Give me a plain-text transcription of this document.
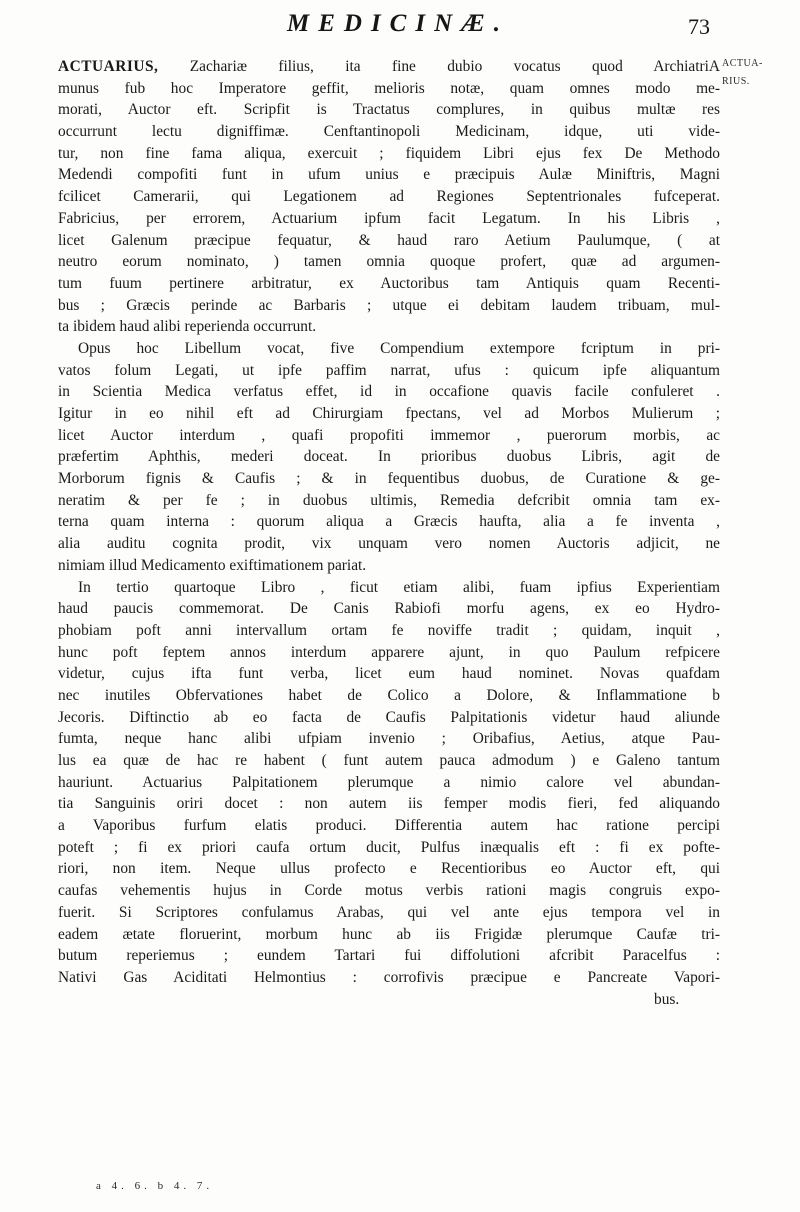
MEDICINÆ.	73
ACTUA-
RIUS.
ACTUARIUS, Zachariæ filius, ita fine dubio vocatus quod ArchiatriA
munus fub hoc Imperatore geffit, melioris notæ, quam omnes modo me-
morati, Auctor eft. Scripfit is Tractatus complures, in quibus multæ res
occurrunt lectu digniffimæ. Cenftantinopoli Medicinam, idque, uti vide-
tur, non fine fama aliqua, exercuit ; fiquidem Libri ejus fex De Methodo
Medendi compofiti funt in ufum unius e præcipuis Aulæ Miniftris, Magni
fcilicet Camerarii, qui Legationem ad Regiones Septentrionales fufceperat.
Fabricius, per errorem, Actuarium ipfum facit Legatum. In his Libris ,
licet Galenum præcipue fequatur, & haud raro Aetium Paulumque, ( at
neutro eorum nominato, ) tamen omnia quoque profert, quæ ad argumen-
tum fuum pertinere arbitratur, ex Auctoribus tam Antiquis quam Recenti-
bus ; Græcis perinde ac Barbaris ; utque ei debitam laudem tribuam, mul-
ta ibidem haud alibi reperienda occurrunt.
Opus hoc Libellum vocat, five Compendium extempore fcriptum in pri-
vatos folum Legati, ut ipfe paffim narrat, ufus : quicum ipfe aliquantum
in Scientia Medica verfatus effet, id in occafione quavis facile confuleret .
Igitur in eo nihil eft ad Chirurgiam fpectans, vel ad Morbos Mulierum ;
licet Auctor interdum , quafi propofiti immemor , puerorum morbis, ac
præfertim Aphthis, mederi doceat. In prioribus duobus Libris, agit de
Morborum fignis & Caufis ; & in fequentibus duobus, de Curatione & ge-
neratim & per fe ; in duobus ultimis, Remedia defcribit omnia tam ex-
terna quam interna : quorum aliqua a Græcis haufta, alia a fe inventa ,
alia auditu cognita prodit, vix unquam vero nomen Auctoris adjicit, ne
nimiam illud Medicamento exiftimationem pariat.
In tertio quartoque Libro , ficut etiam alibi, fuam ipfius Experientiam
haud paucis commemorat. De Canis Rabiofi morfu agens, ex eo Hydro-
phobiam poft anni intervallum ortam fe noviffe tradit ; quidam, inquit ,
hunc poft feptem annos interdum apparere ajunt, in quo Paulum refpicere
videtur, cujus ifta funt verba, licet eum haud nominet. Novas quafdam
nec inutiles Obfervationes habet de Colico a Dolore, & Inflammatione b
Jecoris. Diftinctio ab eo facta de Caufis Palpitationis videtur haud aliunde
fumta, neque hanc alibi ufpiam invenio ; Oribafius, Aetius, atque Pau-
lus ea quæ de hac re habent ( funt autem pauca admodum ) e Galeno tantum
hauriunt. Actuarius Palpitationem plerumque a nimio calore vel abundan-
tia Sanguinis oriri docet : non autem iis femper modis fieri, fed aliquando
a Vaporibus furfum elatis produci. Differentia autem hac ratione percipi
poteft ; fi ex priori caufa ortum ducit, Pulfus inæqualis eft : fi ex pofte-
riori, non item. Neque ullus profecto e Recentioribus eo Auctor eft, qui
caufas vehementis hujus in Corde motus verbis rationi magis congruis expo-
fuerit. Si Scriptores confulamus Arabas, qui vel ante ejus tempora vel in
eadem ætate floruerint, morbum hunc ab iis Frigidæ plerumque Caufæ tri-
butum reperiemus ; eundem Tartari fui diffolutioni afcribit Paracelfus :
Nativi Gas Aciditati Helmontius : corrofivis præcipue e Pancreate Vapori-
bus.
a 4. 6. b 4. 7.
